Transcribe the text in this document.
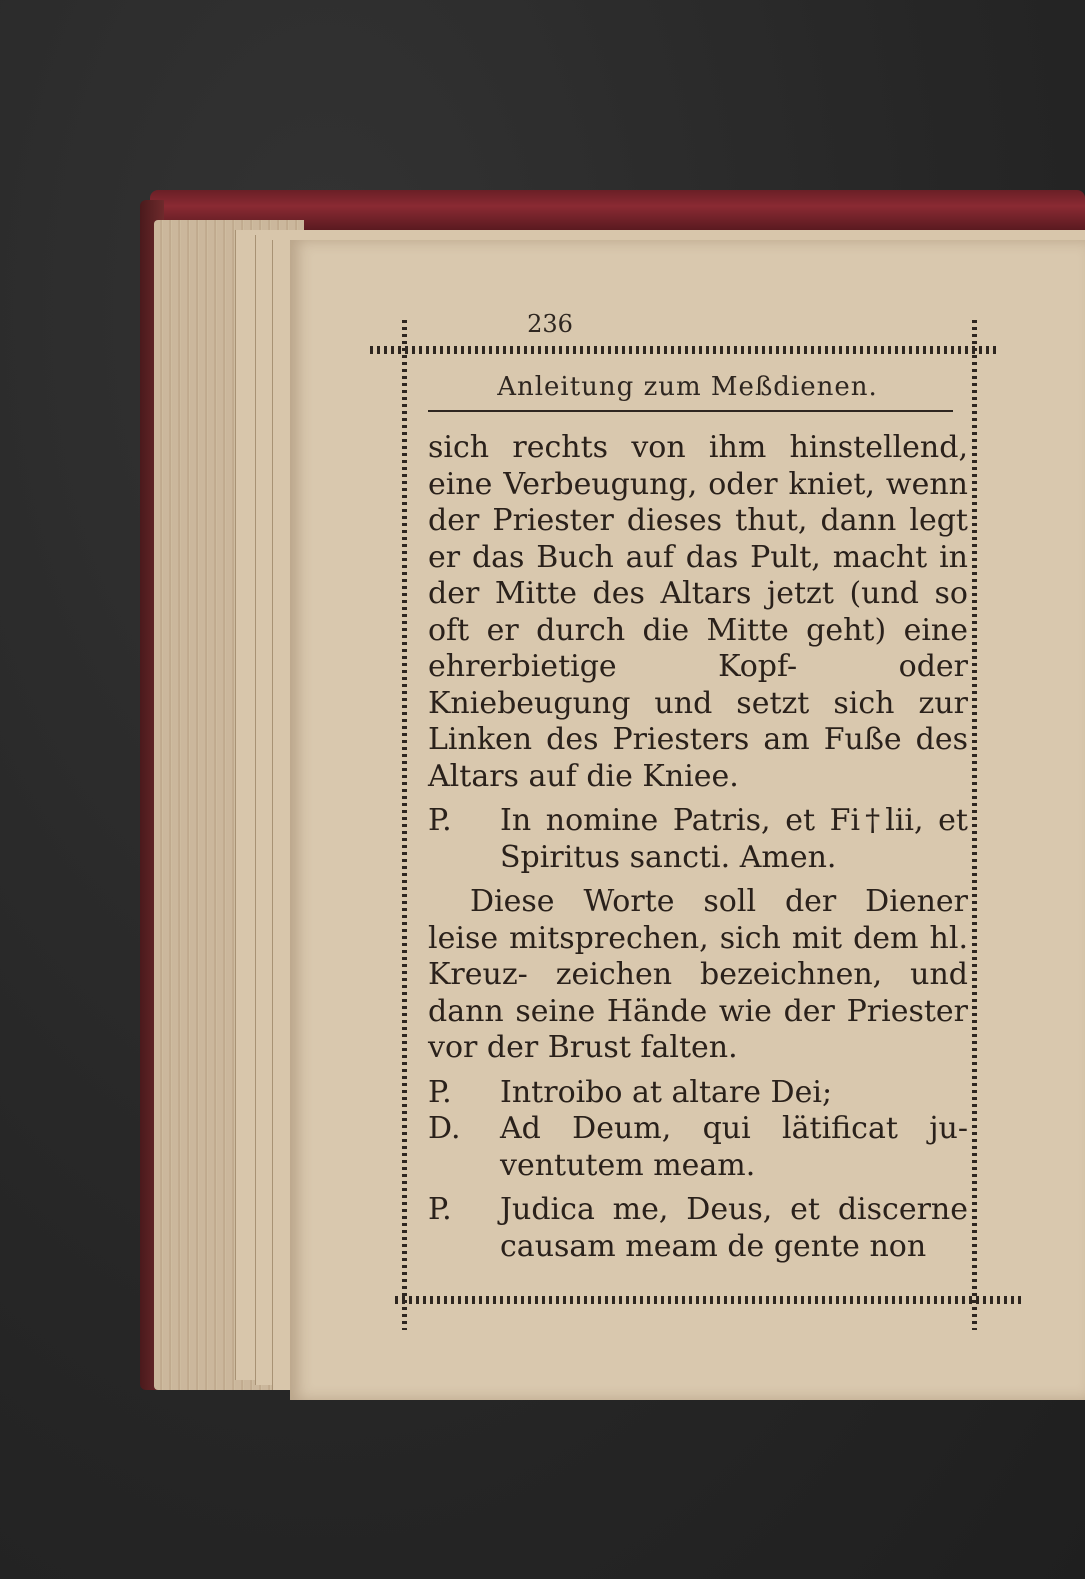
236
Anleitung zum Meßdienen.

sich rechts von ihm hinstellend, eine Verbeugung, oder kniet, wenn der Priester dieses thut, dann legt er das Buch auf das Pult, macht in der Mitte des Altars jetzt (und so oft er durch die Mitte geht) eine ehrerbietige Kopf- oder Kniebeugung und setzt sich zur Linken des Priesters am Fuße des Altars auf die Kniee.

P.	In nomine Patris, et Fi†lii, et Spiritus sancti. Amen.

Diese Worte soll der Diener leise mitsprechen, sich mit dem hl. Kreuz- zeichen bezeichnen, und dann seine Hände wie der Priester vor der Brust falten.

P.	Introibo at altare Dei;
D.	Ad Deum, qui lätificat ju- ventutem meam.
P.	Judica me, Deus, et discerne causam meam de gente non
